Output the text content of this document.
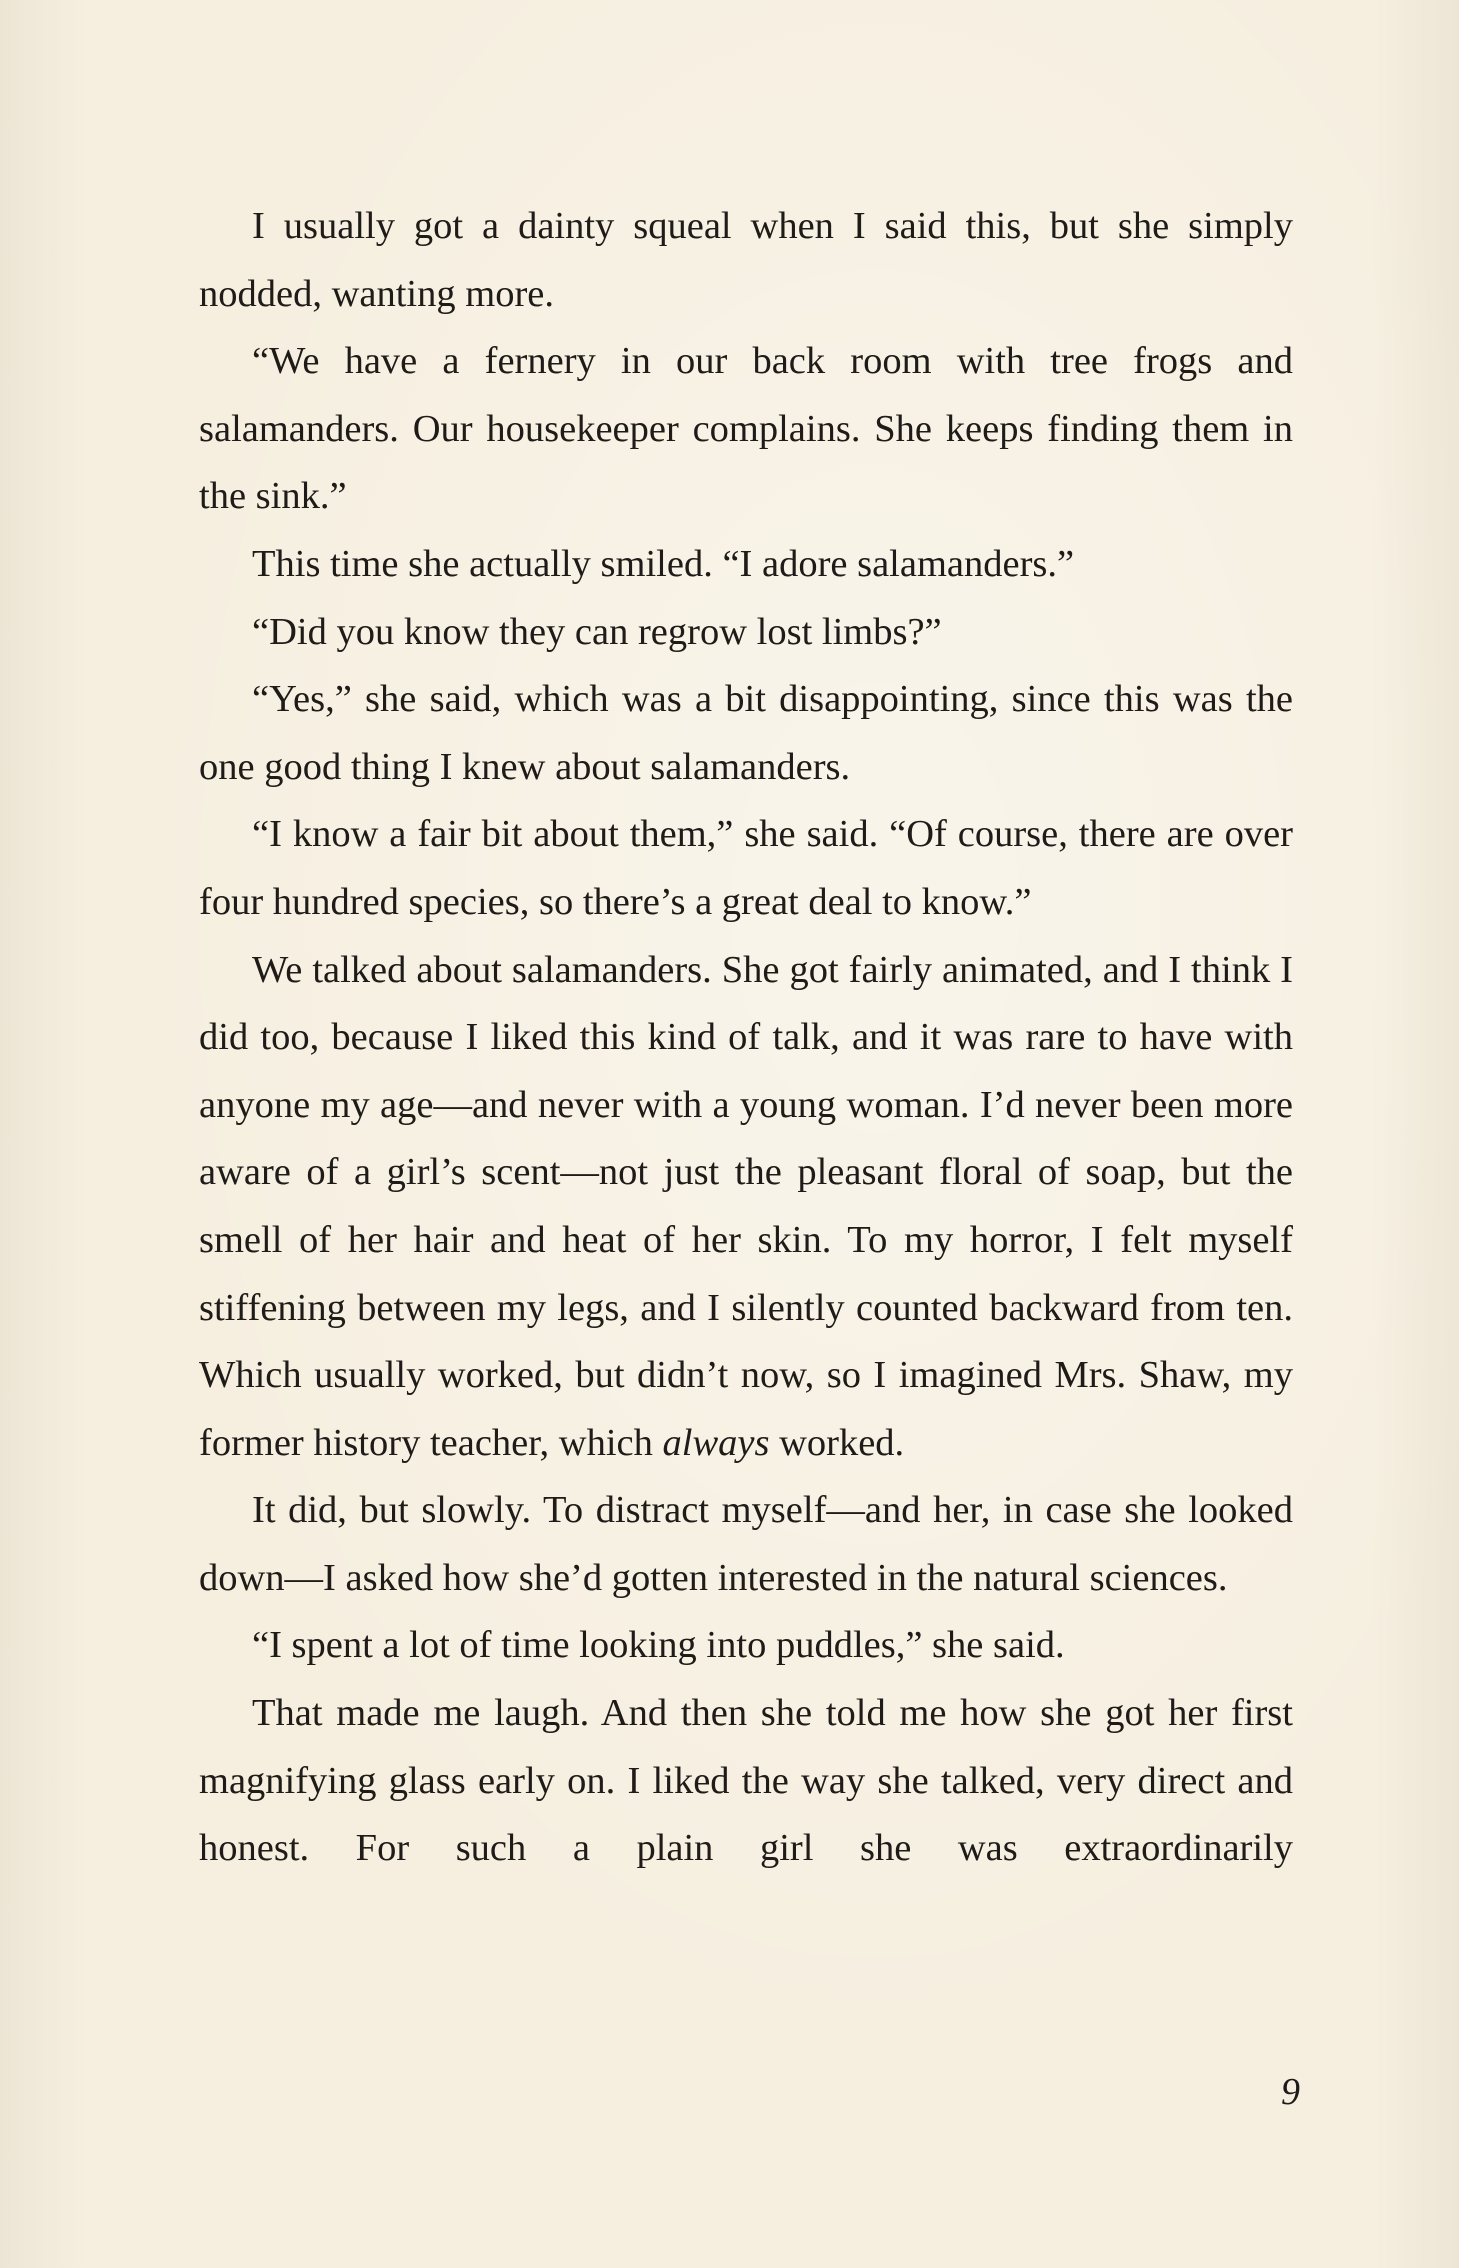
I usually got a dainty squeal when I said this, but she simply nodded, wanting more.

“We have a fernery in our back room with tree frogs and salamanders. Our housekeeper complains. She keeps finding them in the sink.”

This time she actually smiled. “I adore salamanders.”

“Did you know they can regrow lost limbs?”

“Yes,” she said, which was a bit disappointing, since this was the one good thing I knew about salamanders.

“I know a fair bit about them,” she said. “Of course, there are over four hundred species, so there’s a great deal to know.”

We talked about salamanders. She got fairly animated, and I think I did too, because I liked this kind of talk, and it was rare to have with anyone my age—and never with a young woman. I’d never been more aware of a girl’s scent—not just the pleasant floral of soap, but the smell of her hair and heat of her skin. To my horror, I felt myself stiffening between my legs, and I silently counted backward from ten. Which usually worked, but didn’t now, so I imagined Mrs. Shaw, my former history teacher, which always worked.

It did, but slowly. To distract myself—and her, in case she looked down—I asked how she’d gotten interested in the natural sciences.

“I spent a lot of time looking into puddles,” she said.

That made me laugh. And then she told me how she got her first magnifying glass early on. I liked the way she talked, very direct and honest. For such a plain girl she was extraordinarily

9
